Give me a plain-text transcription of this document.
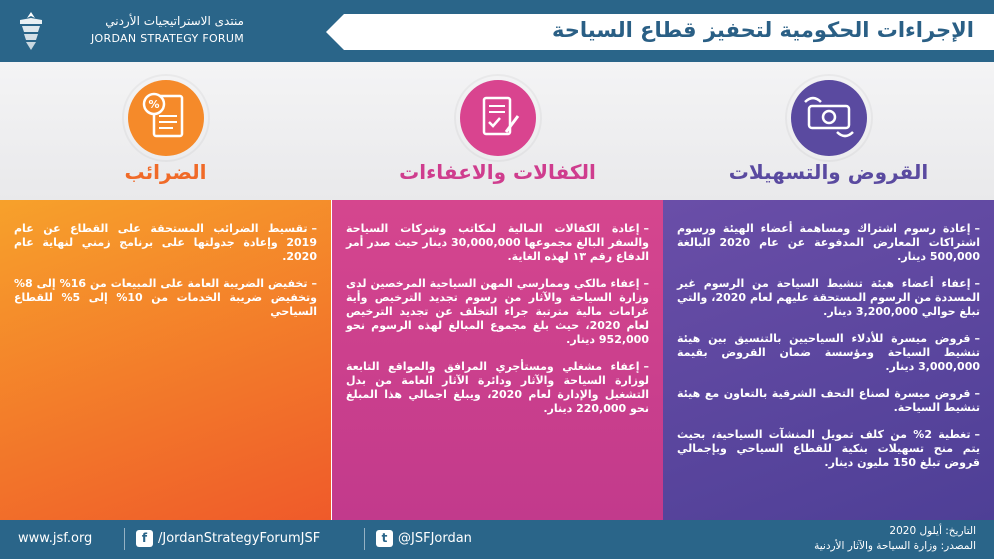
منتدى الاستراتيجيات الأردني
JORDAN STRATEGY FORUM	الإجراءات الحكومية لتحفيز قطاع السياحة
القروض والتسهيلات
–إعادة رسوم اشتراك ومساهمة أعضاء الهيئة ورسوم اشتراكات المعارض المدفوعة عن عام 2020 البالغة 500,000 دينار.
–إعفاء أعضاء هيئة تنشيط السياحة من الرسوم غير المسددة من الرسوم المستحقة عليهم لعام 2020، والتي تبلغ حوالي 3,200,000 دينار.
–قروض ميسرة للأدلاء السياحيين بالتنسيق بين هيئة تنشيط السياحة ومؤسسة ضمان القروض بقيمة 3,000,000 دينار.
–قروض ميسرة لصناع التحف الشرقية بالتعاون مع هيئة تنشيط السياحة.
–تغطية 2% من كلف تمويل المنشآت السياحية، بحيث يتم منح تسهيلات بنكية للقطاع السياحي وبإجمالي قروض تبلغ 150 مليون دينار.
الكفالات والاعفاءات
–إعادة الكفالات المالية لمكاتب وشركات السياحة والسفر البالغ مجموعها 30,000,000 دينار حيث صدر أمر الدفاع رقم ١٣ لهذه الغاية.
–إعفاء مالكي وممارسي المهن السياحية المرخصين لدى وزارة السياحة والآثار من رسوم تجديد الترخيص وأية غرامات مالية مترتبة جراء التخلف عن تجديد الترخيص لعام 2020، حيث بلغ مجموع المبالغ لهذه الرسوم نحو 952,000 دينار.
–إعفاء مشغلي ومستأجري المرافق والمواقع التابعة لوزارة السياحة والآثار ودائرة الآثار العامة من بدل التشغيل والإدارة لعام 2020، ويبلغ اجمالي هذا المبلغ نحو 220,000 دينار.
%
الضرائب
–تقسيط الضرائب المستحقة على القطاع عن عام 2019 وإعادة جدولتها على برنامج زمني لنهاية عام 2020.
–تخفيض الضريبة العامة على المبيعات من 16% إلى 8% وتخفيض ضريبة الخدمات من 10% إلى 5% للقطاع السياحي
www.jsf.org	f /JordanStrategyForumJSF	t @JSFJordan	التاريخ: أيلول 2020
المصدر: وزارة السياحة والآثار الأردنية
